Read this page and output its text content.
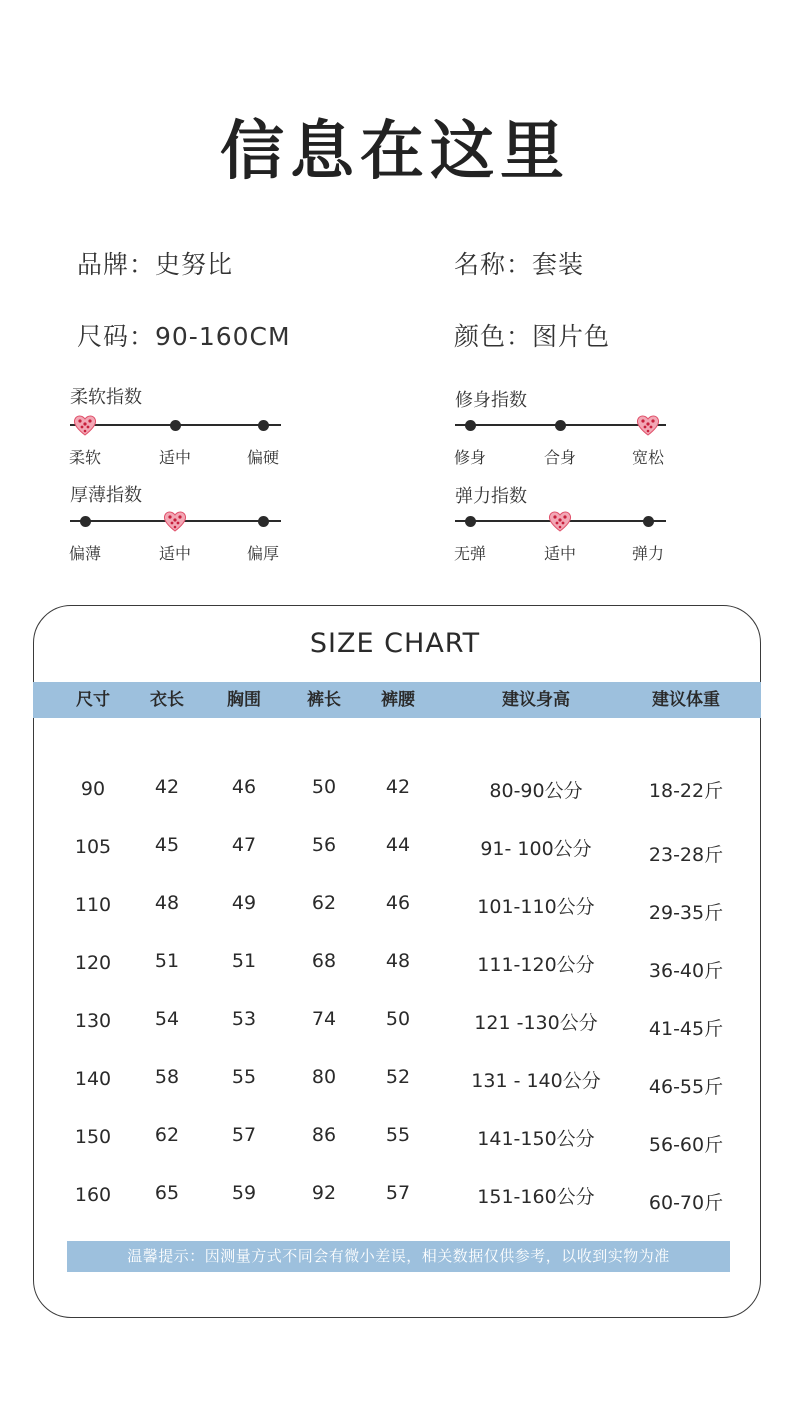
信息在这里
品牌：史努比	名称：套装
尺码：90-160CM	颜色：图片色
柔软指数
柔软	适中	偏硬
修身指数
修身	合身	宽松
厚薄指数
偏薄	适中	偏厚
弹力指数
无弹	适中	弹力
SIZE CHART
尺寸	衣长	胸围	裤长	裤腰	建议身高	建议体重
90	42	46	50	42	80-90公分	18-22斤
105	45	47	56	44	91- 100公分	23-28斤
110	48	49	62	46	101-110公分	29-35斤
120	51	51	68	48	111-120公分	36-40斤
130	54	53	74	50	121 -130公分	41-45斤
140	58	55	80	52	131 - 140公分	46-55斤
150	62	57	86	55	141-150公分	56-60斤
160	65	59	92	57	151-160公分	60-70斤
温馨提示：因测量方式不同会有微小差误，相关数据仅供参考，以收到实物为准
